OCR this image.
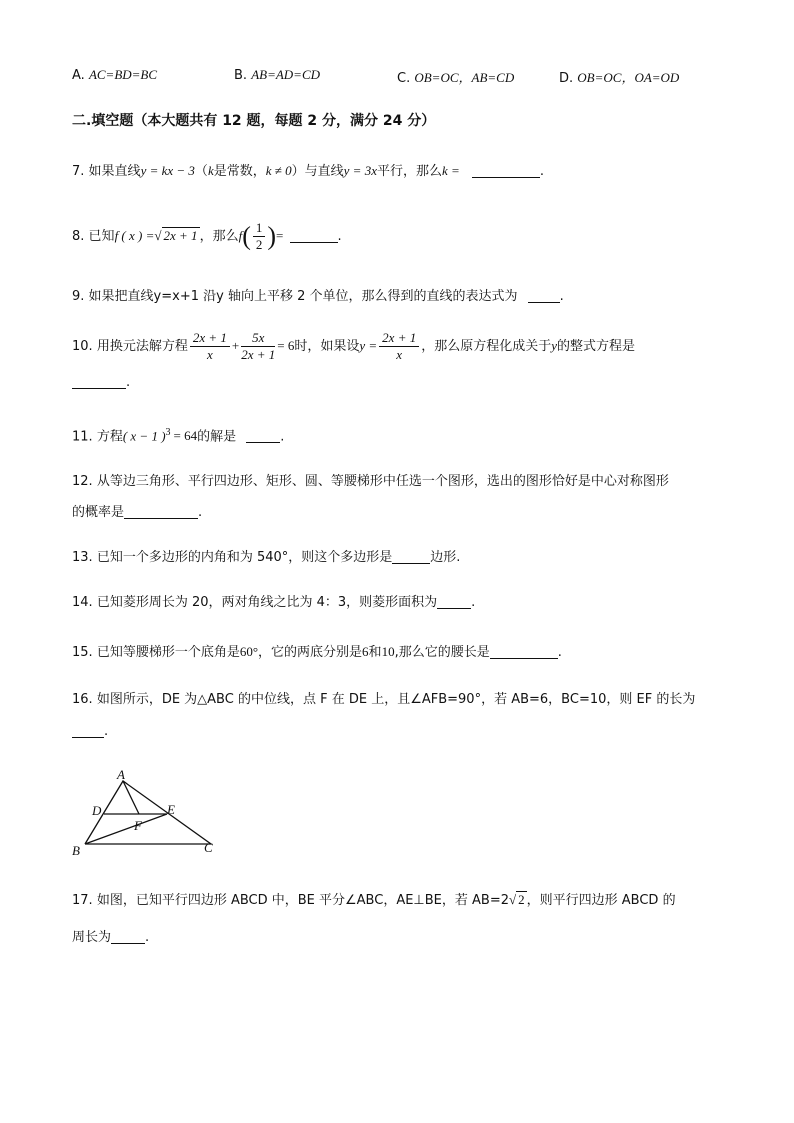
A. AC=BD=BC	B. AB=AD=CD	C. OB=OC，AB=CD	D. OB=OC，OA=OD
二.填空题（本大题共有 12 题，每题 2 分，满分 24 分）
7. 如果直线y = kx − 3（k是常数，k ≠ 0）与直线y = 3x平行，那么k =	.
8. 已知f ( x ) =√ 2x + 1 ，那么$f( \frac{1}{2}$ )=	.
9. 如果把直线y=x+1 沿y 轴向上平移 2 个单位，那么得到的直线的表达式为	.
10. 用换元法解方程 $\frac{2x + 1}{x} + \frac{5x}{2x + 1} = 6$时，如果设$y = \frac{2x + 1}{x}$ ，那么原方程化成关于y的整式方程是
.
11. 方程( x − 1 )$^3$ = 64的解是	.
12. 从等边三角形、平行四边形、矩形、圆、等腰梯形中任选一个图形，选出的图形恰好是中心对称图形
的概率是	.
13. 已知一个多边形的内角和为 540°，则这个多边形是	边形.
14. 已知菱形周长为 20，两对角线之比为 4：3，则菱形面积为	.
15. 已知等腰梯形一个底角是60°，它的两底分别是6和10,那么它的腰长是	.
16. 如图所示，DE 为△ABC 的中位线，点 F 在 DE 上，且∠AFB=90°，若 AB=6，BC=10，则 EF 的长为
.
A
B	C
D	E
F
17. 如图，已知平行四边形 ABCD 中，BE 平分∠ABC，AE⊥BE，若 AB=2√ 2 ，则平行四边形 ABCD 的
周长为	.
